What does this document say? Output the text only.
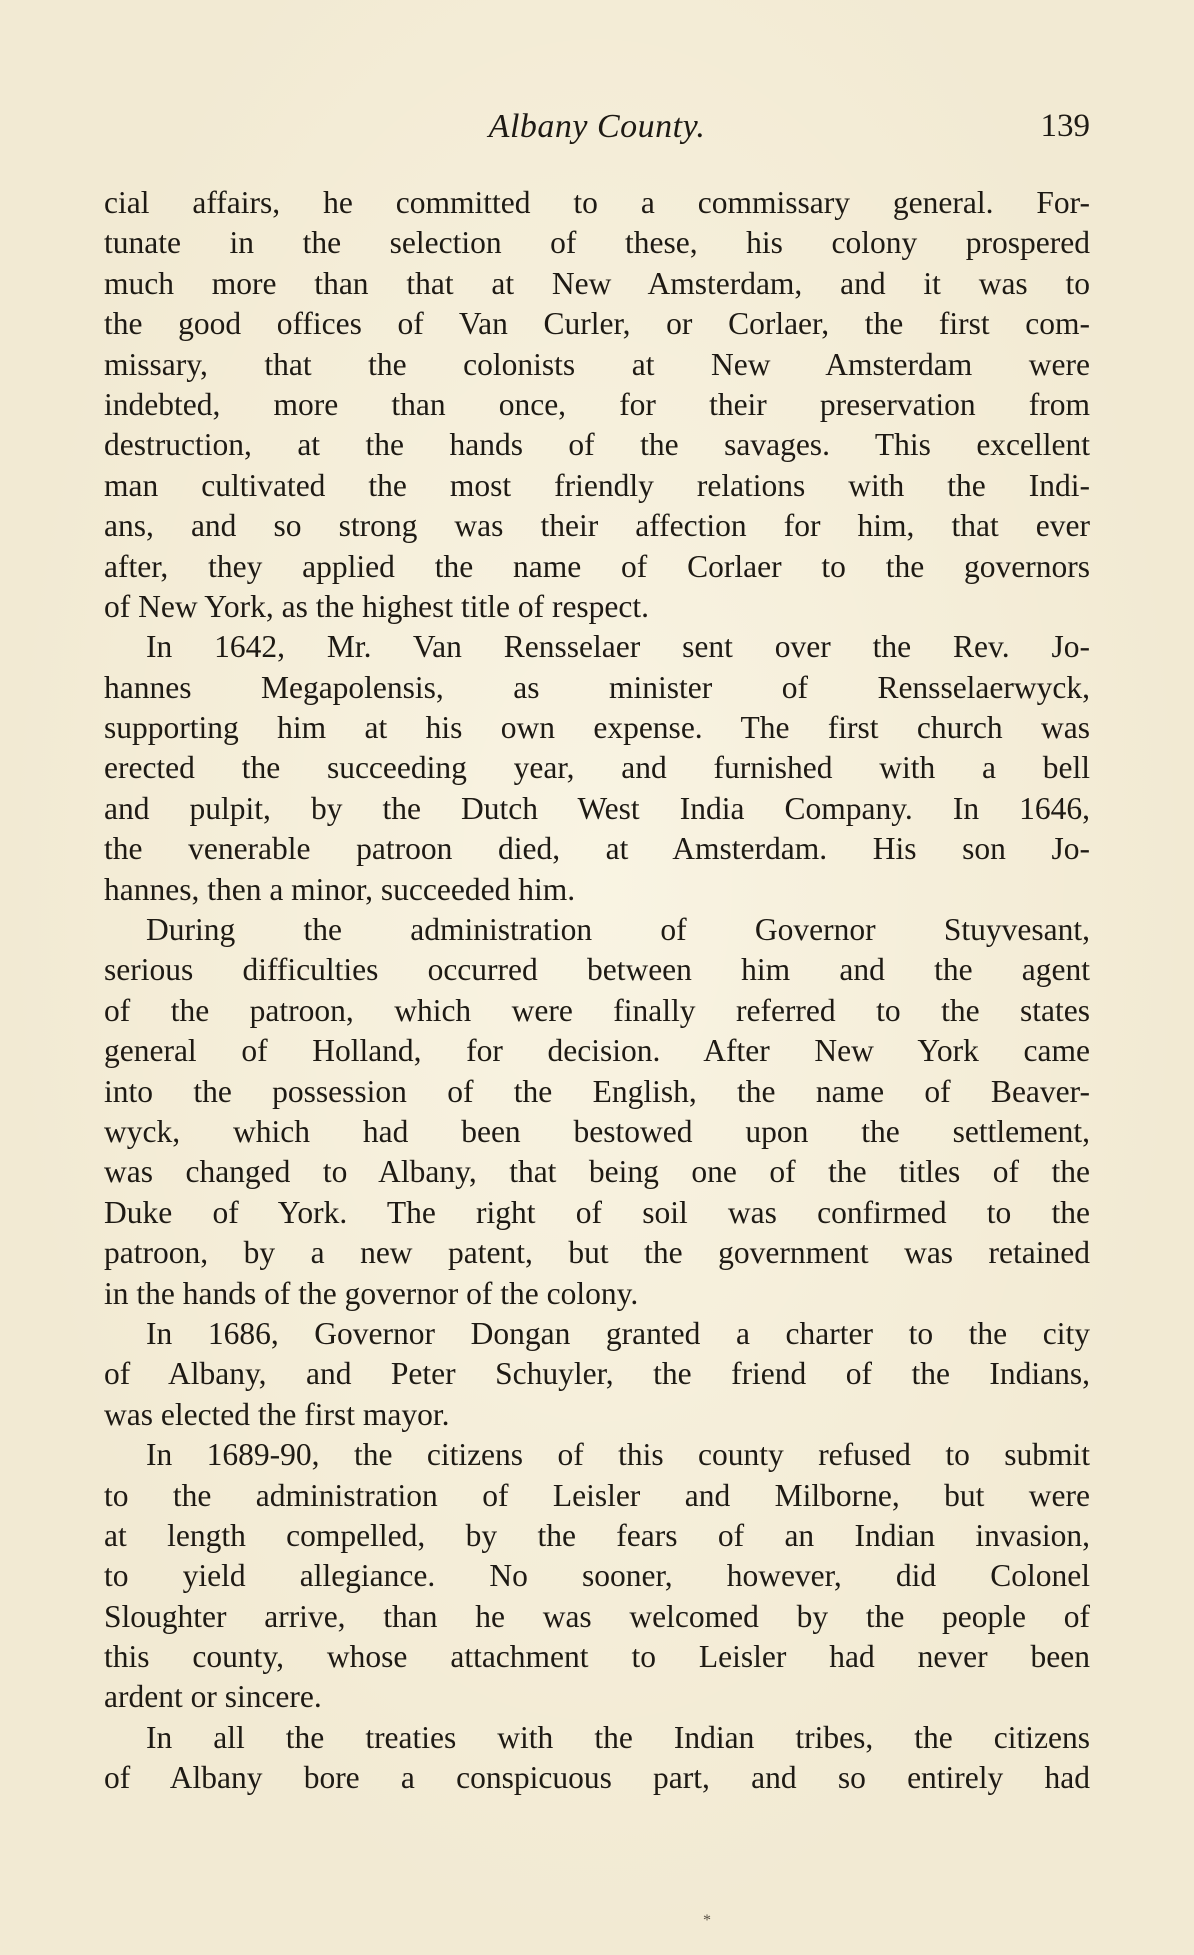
Albany County.	139
cial affairs, he committed to a commissary general. For-
tunate in the selection of these, his colony prospered
much more than that at New Amsterdam, and it was to
the good offices of Van Curler, or Corlaer, the first com-
missary, that the colonists at New Amsterdam were
indebted, more than once, for their preservation from
destruction, at the hands of the savages. This excellent
man cultivated the most friendly relations with the Indi-
ans, and so strong was their affection for him, that ever
after, they applied the name of Corlaer to the governors
of New York, as the highest title of respect.
In 1642, Mr. Van Rensselaer sent over the Rev. Jo-
hannes Megapolensis, as minister of Rensselaerwyck,
supporting him at his own expense. The first church was
erected the succeeding year, and furnished with a bell
and pulpit, by the Dutch West India Company. In 1646,
the venerable patroon died, at Amsterdam. His son Jo-
hannes, then a minor, succeeded him.
During the administration of Governor Stuyvesant,
serious difficulties occurred between him and the agent
of the patroon, which were finally referred to the states
general of Holland, for decision. After New York came
into the possession of the English, the name of Beaver-
wyck, which had been bestowed upon the settlement,
was changed to Albany, that being one of the titles of the
Duke of York. The right of soil was confirmed to the
patroon, by a new patent, but the government was retained
in the hands of the governor of the colony.
In 1686, Governor Dongan granted a charter to the city
of Albany, and Peter Schuyler, the friend of the Indians,
was elected the first mayor.
In 1689-90, the citizens of this county refused to submit
to the administration of Leisler and Milborne, but were
at length compelled, by the fears of an Indian invasion,
to yield allegiance. No sooner, however, did Colonel
Sloughter arrive, than he was welcomed by the people of
this county, whose attachment to Leisler had never been
ardent or sincere.
In all the treaties with the Indian tribes, the citizens
of Albany bore a conspicuous part, and so entirely had
*
